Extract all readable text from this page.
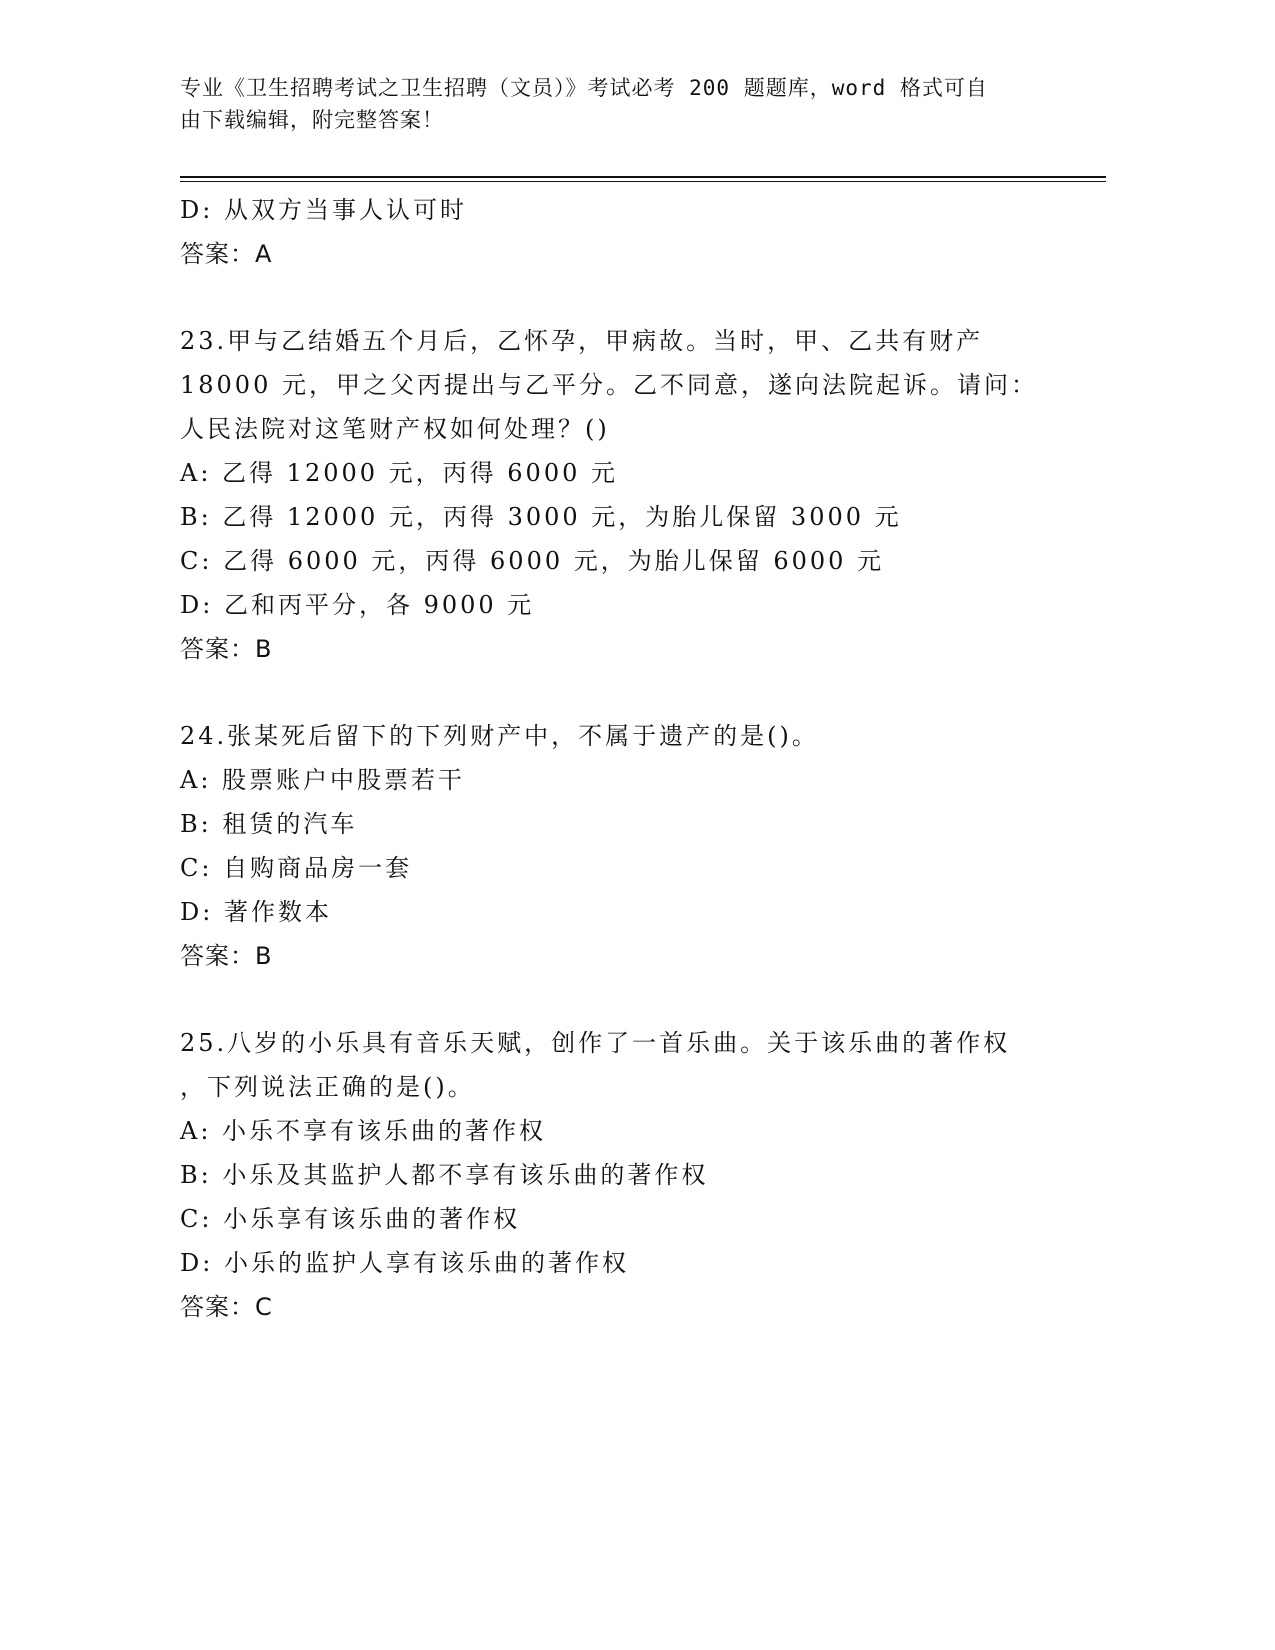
专业《卫生招聘考试之卫生招聘（文员）》考试必考 200 题题库，word 格式可自
由下载编辑，附完整答案！
D: 从双方当事人认可时
答案：A
23.甲与乙结婚五个月后，乙怀孕，甲病故。当时，甲、乙共有财产
18000 元，甲之父丙提出与乙平分。乙不同意，遂向法院起诉。请问：
人民法院对这笔财产权如何处理？()
A: 乙得 12000 元，丙得 6000 元
B: 乙得 12000 元，丙得 3000 元，为胎儿保留 3000 元
C: 乙得 6000 元，丙得 6000 元，为胎儿保留 6000 元
D: 乙和丙平分，各 9000 元
答案：B
24.张某死后留下的下列财产中，不属于遗产的是()。
A: 股票账户中股票若干
B: 租赁的汽车
C: 自购商品房一套
D: 著作数本
答案：B
25.八岁的小乐具有音乐天赋，创作了一首乐曲。关于该乐曲的著作权
，下列说法正确的是()。
A: 小乐不享有该乐曲的著作权
B: 小乐及其监护人都不享有该乐曲的著作权
C: 小乐享有该乐曲的著作权
D: 小乐的监护人享有该乐曲的著作权
答案：C
